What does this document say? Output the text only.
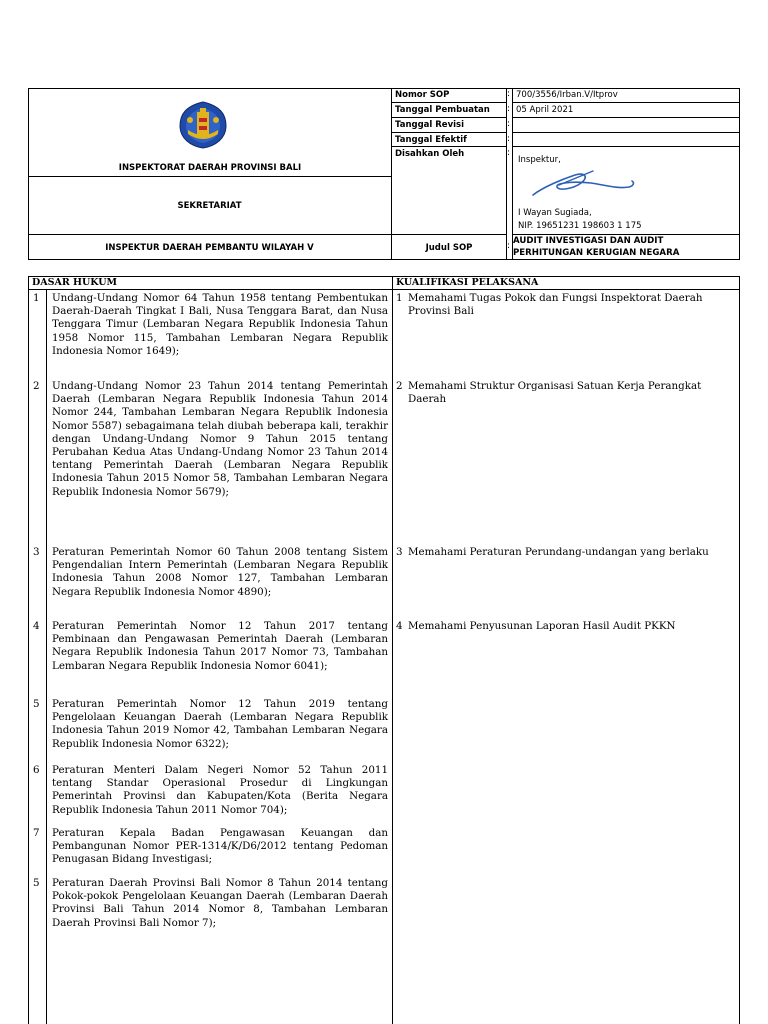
INSPEKTORAT DAERAH PROVINSI BALI
SEKRETARIAT
INSPEKTUR DAERAH PEMBANTU WILAYAH V
Nomor SOP
Tanggal Pembuatan
Tanggal Revisi
Tanggal Efektif
Disahkan Oleh
Judul SOP
:
:
:
:
:
:
700/3556/Irban.V/Itprov
05 April 2021
Inspektur,
I Wayan Sugiada,
NIP. 19651231 198603 1 175
AUDIT INVESTIGASI DAN AUDIT PERHITUNGAN KERUGIAN NEGARA
DASAR HUKUM	KUALIFIKASI PELAKSANA
1 Undang-Undang Nomor 64 Tahun 1958 tentang Pembentukan Daerah-Daerah Tingkat I Bali, Nusa Tenggara Barat, dan Nusa Tenggara Timur (Lembaran Negara Republik Indonesia Tahun 1958 Nomor 115, Tambahan Lembaran Negara Republik Indonesia Nomor 1649);
2 Undang-Undang Nomor 23 Tahun 2014 tentang Pemerintah Daerah (Lembaran Negara Republik Indonesia Tahun 2014 Nomor 244, Tambahan Lembaran Negara Republik Indonesia Nomor 5587) sebagaimana telah diubah beberapa kali, terakhir dengan Undang-Undang Nomor 9 Tahun 2015 tentang Perubahan Kedua Atas Undang-Undang Nomor 23 Tahun 2014 tentang Pemerintah Daerah (Lembaran Negara Republik Indonesia Tahun 2015 Nomor 58, Tambahan Lembaran Negara Republik Indonesia Nomor 5679);
3 Peraturan Pemerintah Nomor 60 Tahun 2008 tentang Sistem Pengendalian Intern Pemerintah (Lembaran Negara Republik Indonesia Tahun 2008 Nomor 127, Tambahan Lembaran Negara Republik Indonesia Nomor 4890);
4 Peraturan Pemerintah Nomor 12 Tahun 2017 tentang Pembinaan dan Pengawasan Pemerintah Daerah (Lembaran Negara Republik Indonesia Tahun 2017 Nomor 73, Tambahan Lembaran Negara Republik Indonesia Nomor 6041);
5 Peraturan Pemerintah Nomor 12 Tahun 2019 tentang Pengelolaan Keuangan Daerah (Lembaran Negara Republik Indonesia Tahun 2019 Nomor 42, Tambahan Lembaran Negara Republik Indonesia Nomor 6322);
6 Peraturan Menteri Dalam Negeri Nomor 52 Tahun 2011 tentang Standar Operasional Prosedur di Lingkungan Pemerintah Provinsi dan Kabupaten/Kota (Berita Negara Republik Indonesia Tahun 2011 Nomor 704);
7 Peraturan Kepala Badan Pengawasan Keuangan dan Pembangunan Nomor PER-1314/K/D6/2012 tentang Pedoman Penugasan Bidang Investigasi;
5 Peraturan Daerah Provinsi Bali Nomor 8 Tahun 2014 tentang Pokok-pokok Pengelolaan Keuangan Daerah (Lembaran Daerah Provinsi Bali Tahun 2014 Nomor 8, Tambahan Lembaran Daerah Provinsi Bali Nomor 7);
1 Memahami Tugas Pokok dan Fungsi Inspektorat Daerah Provinsi Bali
2 Memahami Struktur Organisasi Satuan Kerja Perangkat Daerah
3 Memahami Peraturan Perundang-undangan yang berlaku
4 Memahami Penyusunan Laporan Hasil Audit PKKN
